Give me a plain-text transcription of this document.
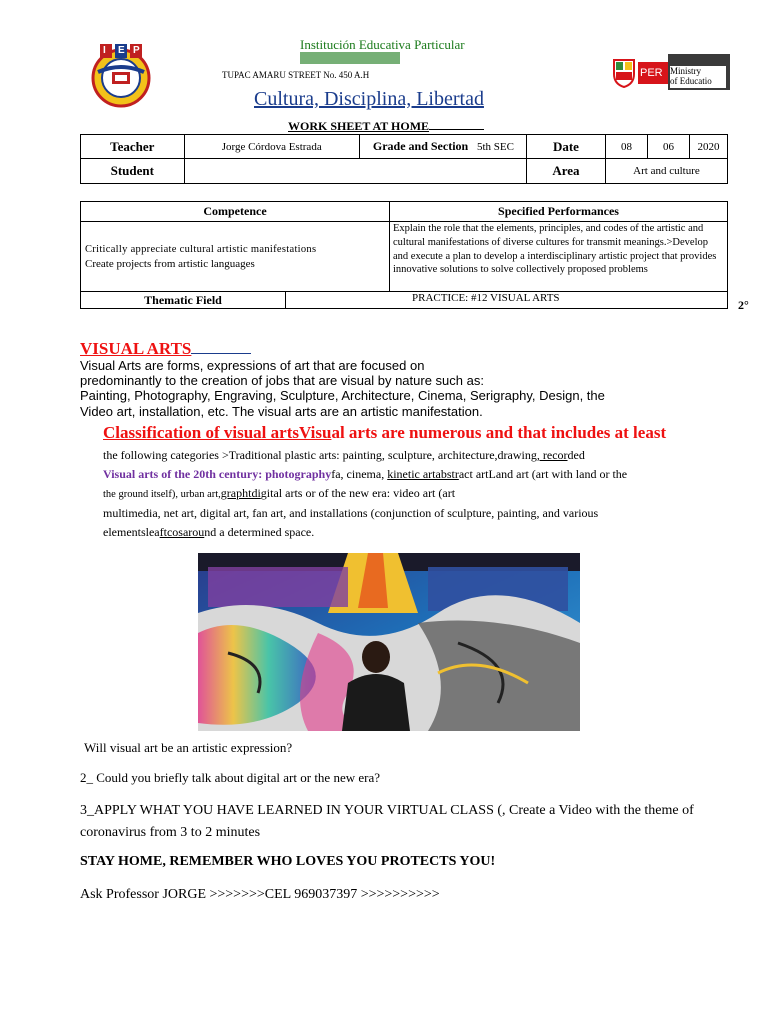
I E P	Institución Educativa Particular
TUPAC AMARU STREET No. 450 A.H
Cultura, Disciplina, Libertad
PER Ministry
of Educatio
WORK SHEET AT HOME
Teacher	Jorge Córdova Estrada	Grade and Section 5th SEC	Date	08	06	2020
Student			Area	Art and culture		
Competence	Specified Performances

Critically appreciate cultural artistic manifestations
Create projects from artistic languages	Explain the role that the elements, principles, and codes of the artistic and cultural manifestations of diverse cultures for transmit meanings.>Develop and execute a plan to develop a interdisciplinary artistic project that provides innovative solutions to solve collectively proposed problems

Thematic Field PRACTICE: #12 VISUAL ARTS		2°
VISUAL ARTS
Visual Arts are forms, expressions of art that are focused on
predominantly to the creation of jobs that are visual by nature such as:
Painting, Photography, Engraving, Sculpture, Architecture, Cinema, Serigraphy, Design, the
Video art, installation, etc. The visual arts are an artistic manifestation.
Classification of visual artsVisual arts are numerous and that includes at least
the following categories >Traditional plastic arts: painting, sculpture, architecture,drawing, recorded
Visual arts of the 20th century: photographyfa, cinema, kinetic artabstract artLand art (art with land or the
the ground itself), urban art,graphtdigital arts or of the new era: video art (art
multimedia, net art, digital art, fan art, and installations (conjunction of sculpture, painting, and various
elementsleaftcosaround a determined space.
Will visual art be an artistic expression?
2_ Could you briefly talk about digital art or the new era?
3_APPLY WHAT YOU HAVE LEARNED IN YOUR VIRTUAL CLASS (, Create a Video with the theme of
coronavirus from 3 to 2 minutes
STAY HOME, REMEMBER WHO LOVES YOU PROTECTS YOU!
Ask Professor JORGE >>>>>>>CEL 969037397 >>>>>>>>>>
